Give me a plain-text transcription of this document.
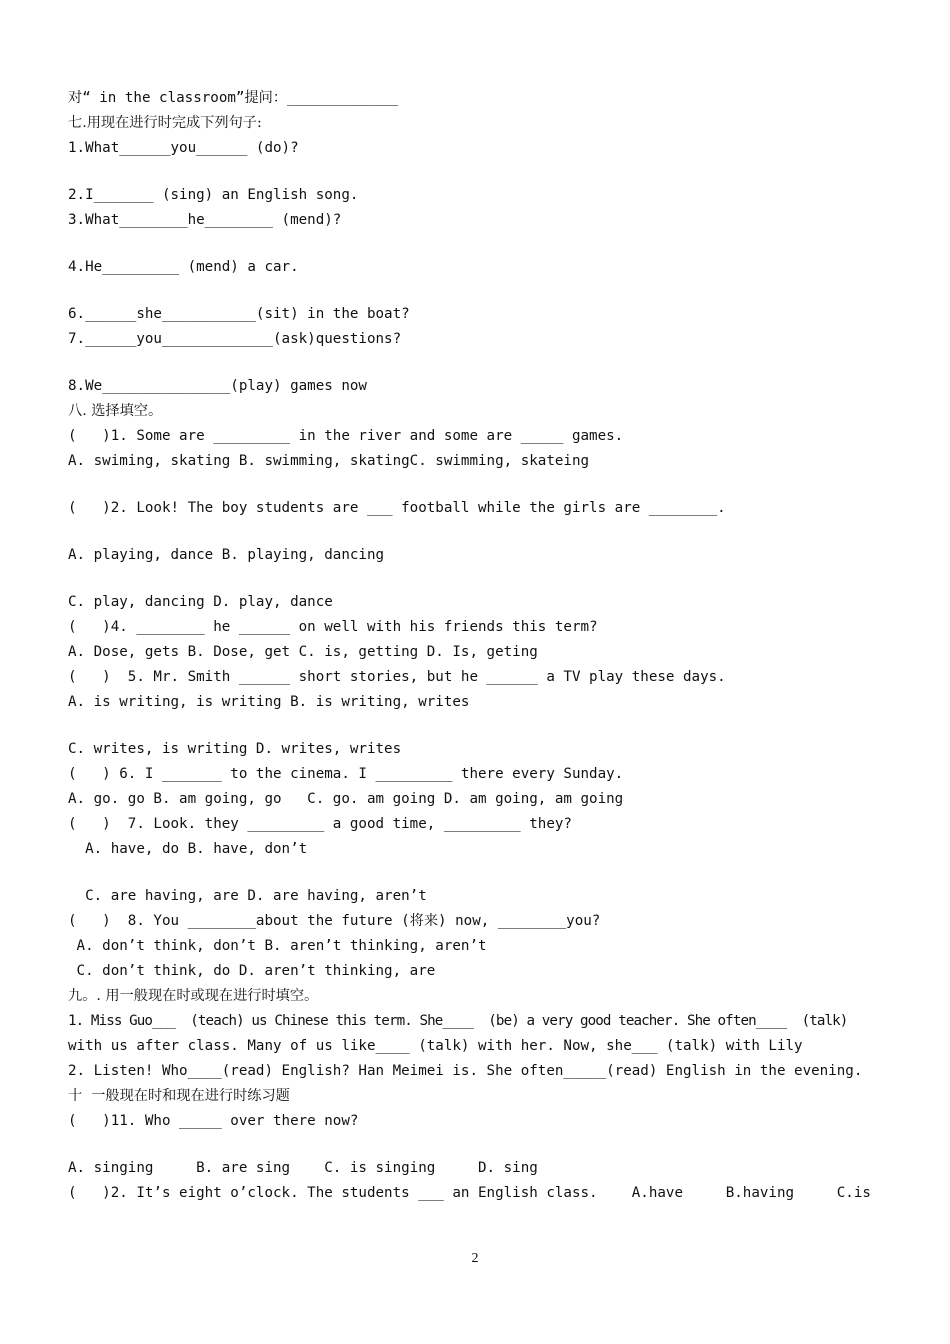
对“ in the classroom”提问：_____________
七.用现在进行时完成下列句子:
1.What______you______ (do)?
2.I_______ (sing) an English song.
3.What________he________ (mend)?
4.He_________ (mend) a car.
6.______she___________(sit) in the boat?
7.______you_____________(ask)questions?
8.We_______________(play) games now
八. 选择填空。
(   )1. Some are _________ in the river and some are _____ games.
A. swiming, skating B. swimming, skatingC. swimming, skateing
(   )2. Look! The boy students are ___ football while the girls are ________.
A. playing, dance B. playing, dancing
C. play, dancing D. play, dance
(   )4. ________ he ______ on well with his friends this term?
A. Dose, gets B. Dose, get C. is, getting D. Is, geting
(   )  5. Mr. Smith ______ short stories, but he ______ a TV play these days.
A. is writing, is writing B. is writing, writes
C. writes, is writing D. writes, writes
(   ) 6. I _______ to the cinema. I _________ there every Sunday.
A. go. go B. am going, go   C. go. am going D. am going, am going
(   )  7. Look. they _________ a good time, _________ they?
A. have, do B. have, don’t
C. are having, are D. are having, aren’t
(   )  8. You ________about the future (将来) now, ________you?
A. don’t think, don’t B. aren’t thinking, aren’t
C. don’t think, do D. aren’t thinking, are
九。. 用一般现在时或现在进行时填空。
1. Miss Guo___  (teach) us Chinese this term. She____  (be) a very good teacher. She often____  (talk)
with us after class. Many of us like____ (talk) with her. Now, she___ (talk) with Lily
2. Listen! Who____(read) English? Han Meimei is. She often_____(read) English in the evening.
十  一般现在时和现在进行时练习题
(   )11. Who _____ over there now?
A. singing     B. are sing    C. is singing     D. sing
(   )2. It’s eight o’clock. The students ___ an English class.    A.have     B.having     C.is
2
